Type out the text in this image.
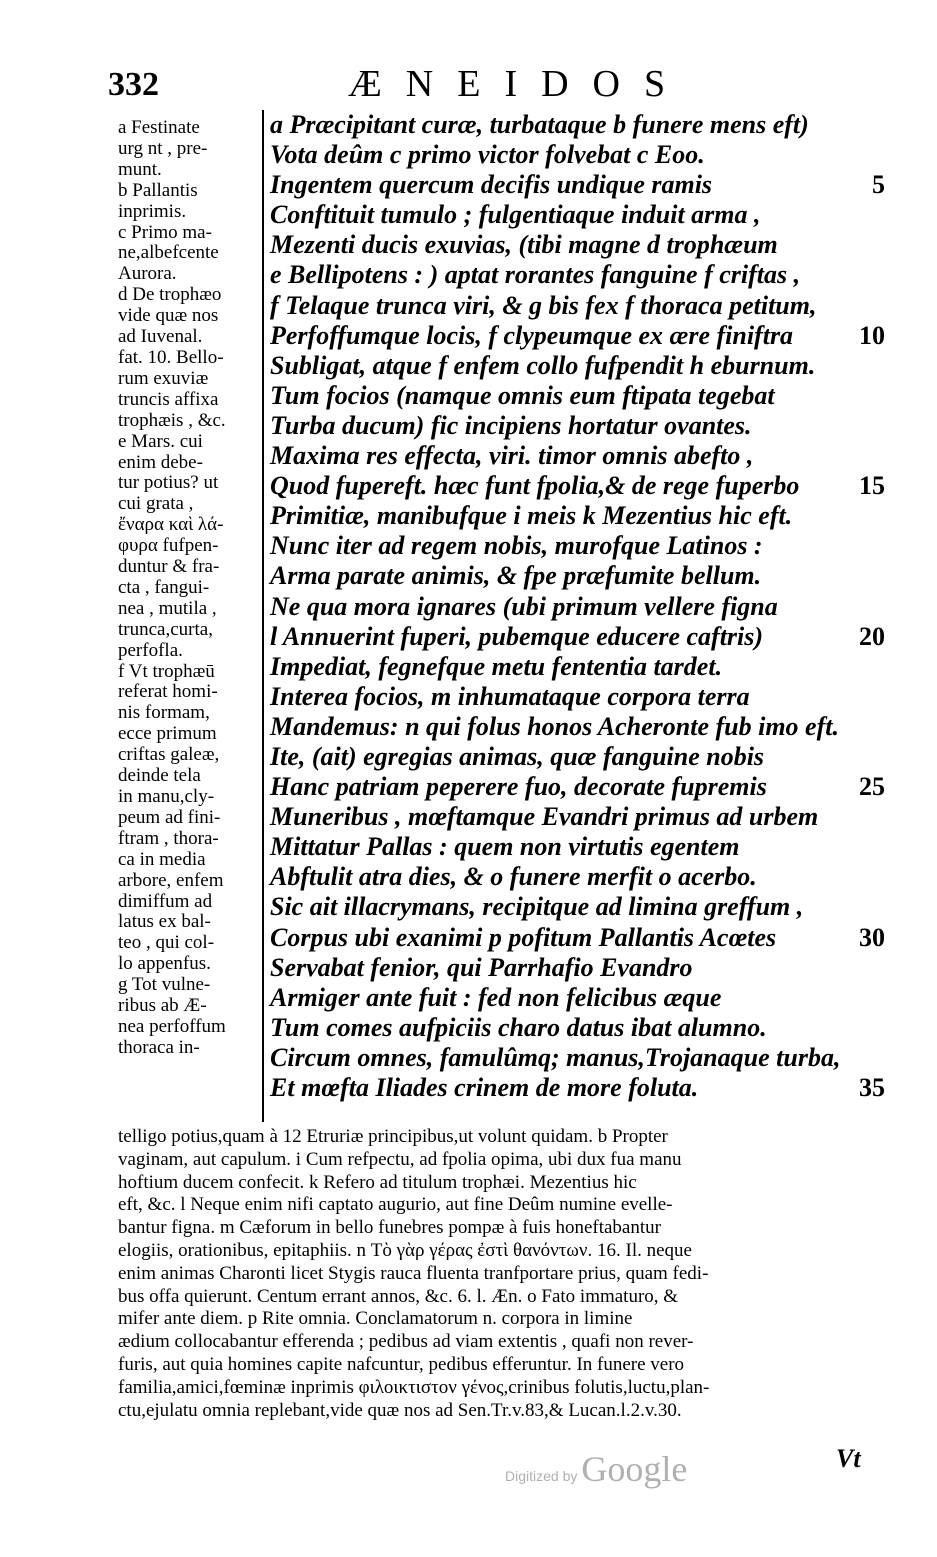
332	ÆNEIDOS
a Festinate
urg nt , pre-
munt.
b Pallantis
inprimis.
c Primo ma-
ne,albefcente
Aurora.
d De trophæo
vide quæ nos
ad Iuvenal.
fat. 10. Bello-
rum exuviæ
truncis affixa
trophæis , &c.
e Mars. cui
enim debe-
tur potius? ut
cui grata ,
ἔναρα καὶ λά-
φυρα fufpen-
duntur & fra-
cta , fangui-
nea , mutila ,
trunca,curta,
perfofla.
f Vt trophæū
referat homi-
nis formam,
ecce primum
criftas galeæ,
deinde tela
in manu,cly-
peum ad fini-
ftram , thora-
ca in media
arbore, enfem
dimiffum ad
latus ex bal-
teo , qui col-
lo appenfus.
g Tot vulne-
ribus ab Æ-
nea perfoffum
thoraca in-
a Præcipitant curæ, turbataque b funere mens eft)
Vota deûm c primo victor folvebat c Eoo.
Ingentem quercum decifis undique ramis	5
Conftituit tumulo ; fulgentiaque induit arma ,
Mezenti ducis exuvias, (tibi magne d trophæum
e Bellipotens : ) aptat rorantes fanguine f criftas ,
f Telaque trunca viri, & g bis fex f thoraca petitum,
Perfoffumque locis, f clypeumque ex ære finiftra	10
Subligat, atque f enfem collo fufpendit h eburnum.
Tum focios (namque omnis eum ftipata tegebat
Turba ducum) fic incipiens hortatur ovantes.
Maxima res effecta, viri. timor omnis abefto ,
Quod fupereft. hæc funt fpolia,& de rege fuperbo 15
Primitiæ, manibufque i meis k Mezentius hic eft.
Nunc iter ad regem nobis, murofque Latinos :
Arma parate animis, & fpe præfumite bellum.
Ne qua mora ignares (ubi primum vellere figna
l Annuerint fuperi, pubemque educere caftris)	20
Impediat, fegnefque metu fententia tardet.
Interea focios, m inhumataque corpora terra
Mandemus: n qui folus honos Acheronte fub imo eft.
Ite, (ait) egregias animas, quæ fanguine nobis
Hanc patriam peperere fuo, decorate fupremis	25
Muneribus , mœftamque Evandri primus ad urbem
Mittatur Pallas : quem non virtutis egentem
Abftulit atra dies, & o funere merfit o acerbo.
Sic ait illacrymans, recipitque ad limina greffum ,
Corpus ubi exanimi p pofitum Pallantis Acœtes	30
Servabat fenior, qui Parrhafio Evandro
Armiger ante fuit : fed non felicibus æque
Tum comes aufpiciis charo datus ibat alumno.
Circum omnes, famulûmq; manus,Trojanaque turba,
Et mœfta Iliades crinem de more foluta.	35
telligo potius,quam à 12 Etruriæ principibus,ut volunt quidam. b Propter
vaginam, aut capulum. i Cum refpectu, ad fpolia opima, ubi dux fua manu
hoftium ducem confecit. k Refero ad titulum trophæi. Mezentius hic
eft, &c. l Neque enim nifi captato augurio, aut fine Deûm numine evelle-
bantur figna. m Cæforum in bello funebres pompæ à fuis honeftabantur
elogiis, orationibus, epitaphiis. n Τὸ γὰρ γέρας ἐστὶ θανόντων. 16. Il. neque
enim animas Charonti licet Stygis rauca fluenta tranfportare prius, quam fedi-
bus offa quierunt. Centum errant annos, &c. 6. l. Æn. o Fato immaturo, &
mifer ante diem. p Rite omnia. Conclamatorum n. corpora in limine
ædium collocabantur efferenda ; pedibus ad viam extentis , quafi non rever-
furis, aut quia homines capite nafcuntur, pedibus efferuntur. In funere vero
familia,amici,fœminæ inprimis φιλοικτιστον γένος,crinibus folutis,luctu,plan-
ctu,ejulatu omnia replebant,vide quæ nos ad Sen.Tr.v.83,& Lucan.l.2.v.30.
Vt
Digitized by Google
